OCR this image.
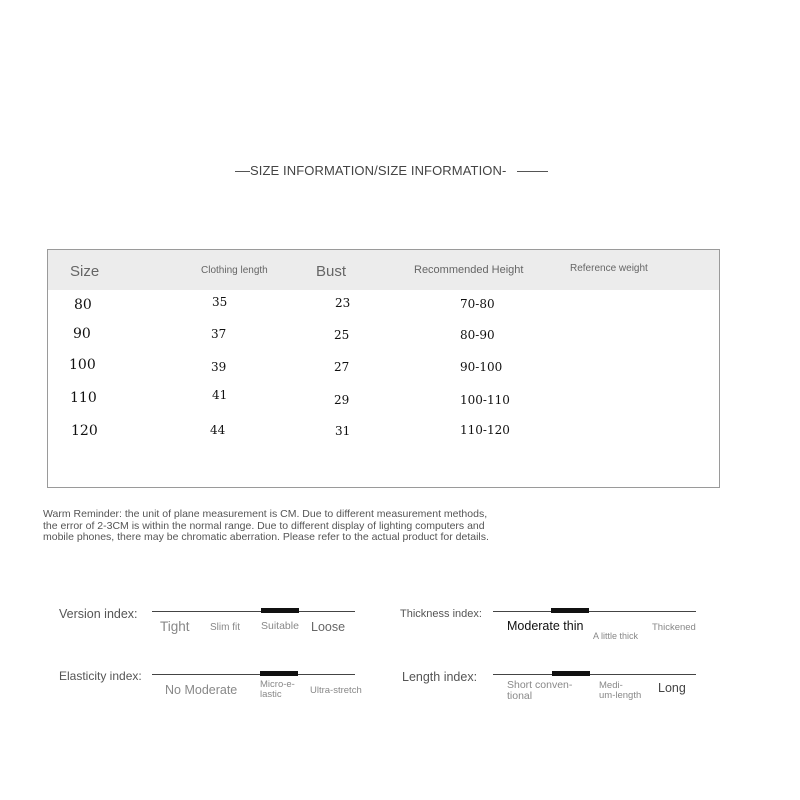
SIZE INFORMATION/SIZE INFORMATION-
Size	Clothing length	Bust	Recommended Height	Reference weight
80	35	23	70-80
90	37	25	80-90
100	39	27	90-100
110	41	29	100-110
120	44	31	110-120
Warm Reminder: the unit of plane measurement is CM. Due to different measurement methods,
the error of 2-3CM is within the normal range. Due to different display of lighting computers and
mobile phones, there may be chromatic aberration. Please refer to the actual product for details.
Version index:
Tight Slim fit Suitable Loose
Thickness index:
Moderate thin
A little thick
Thickened
Elasticity index:
No Moderate Micro-e-
lastic	Ultra-stretch
Length index:
Short conven-
tional
Medi-
um-length
Long
